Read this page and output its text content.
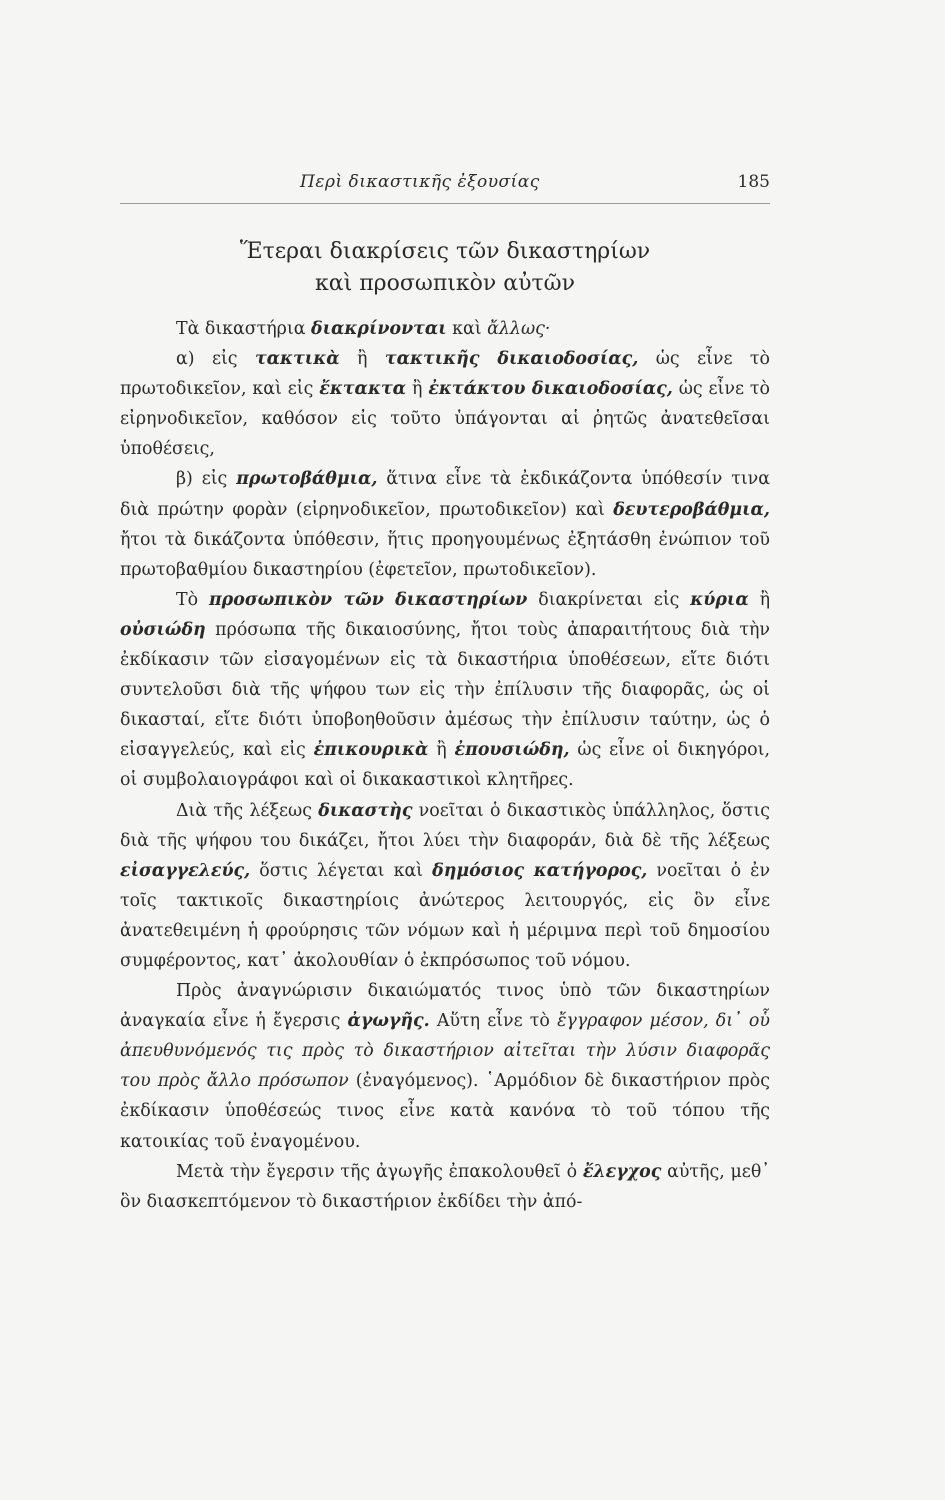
Περὶ δικαστικῆς ἐξουσίας	185
Ἕτεραι διακρίσεις τῶν δικαστηρίων
καὶ προσωπικὸν αὐτῶν

Τὰ δικαστήρια διακρίνονται καὶ ἄλλως·

α) εἰς τακτικὰ ἢ τακτικῆς δικαιοδοσίας, ὡς εἶνε τὸ πρωτοδικεῖον, καὶ εἰς ἔκτακτα ἢ ἐκτάκτου δικαιοδοσίας, ὡς εἶνε τὸ εἰρηνοδικεῖον, καθόσον εἰς τοῦτο ὑπάγονται αἱ ῥητῶς ἀνατεθεῖσαι ὑποθέσεις,

β) εἰς πρωτοβάθμια, ἅτινα εἶνε τὰ ἐκδικάζοντα ὑπόθεσίν τινα διὰ πρώτην φορὰν (εἰρηνοδικεῖον, πρωτοδικεῖον) καὶ δευτεροβάθμια, ἤτοι τὰ δικάζοντα ὑπόθεσιν, ἥτις προηγουμένως ἐξητάσθη ἐνώπιον τοῦ πρωτοβαθμίου δικαστηρίου (ἐφετεῖον, πρωτοδικεῖον).

Τὸ προσωπικὸν τῶν δικαστηρίων διακρίνεται εἰς κύρια ἢ οὐσιώδη πρόσωπα τῆς δικαιοσύνης, ἤτοι τοὺς ἀπαραιτήτους διὰ τὴν ἐκδίκασιν τῶν εἰσαγομένων εἰς τὰ δικαστήρια ὑποθέσεων, εἴτε διότι συντελοῦσι διὰ τῆς ψήφου των εἰς τὴν ἐπίλυσιν τῆς διαφορᾶς, ὡς οἱ δικασταί, εἴτε διότι ὑποβοηθοῦσιν ἀμέσως τὴν ἐπίλυσιν ταύτην, ὡς ὁ εἰσαγγελεύς, καὶ εἰς ἐπικουρικὰ ἢ ἐπουσιώδη, ὡς εἶνε οἱ δικηγόροι, οἱ συμβολαιογράφοι καὶ οἱ δικακαστικοὶ κλητῆρες.

Διὰ τῆς λέξεως δικαστὴς νοεῖται ὁ δικαστικὸς ὑπάλληλος, ὅστις διὰ τῆς ψήφου του δικάζει, ἤτοι λύει τὴν διαφοράν, διὰ δὲ τῆς λέξεως εἰσαγγελεύς, ὅστις λέγεται καὶ δημόσιος κατήγορος, νοεῖται ὁ ἐν τοῖς τακτικοῖς δικαστηρίοις ἀνώτερος λειτουργός, εἰς ὃν εἶνε ἀνατεθειμένη ἡ φρούρησις τῶν νόμων καὶ ἡ μέριμνα περὶ τοῦ δημοσίου συμφέροντος, κατ᾽ ἀκολουθίαν ὁ ἐκπρόσωπος τοῦ νόμου.

Πρὸς ἀναγνώρισιν δικαιώματός τινος ὑπὸ τῶν δικαστηρίων ἀναγκαία εἶνε ἡ ἔγερσις ἀγωγῆς. Αὕτη εἶνε τὸ ἔγγραφον μέσον, δι᾽ οὗ ἀπευθυνόμενός τις πρὸς τὸ δικαστήριον αἰτεῖται τὴν λύσιν διαφορᾶς του πρὸς ἄλλο πρόσωπον (ἐναγόμενος). ῾Αρμόδιον δὲ δικαστήριον πρὸς ἐκδίκασιν ὑποθέσεώς τινος εἶνε κατὰ κανόνα τὸ τοῦ τόπου τῆς κατοικίας τοῦ ἐναγομένου.

Μετὰ τὴν ἔγερσιν τῆς ἀγωγῆς ἐπακολουθεῖ ὁ ἔλεγχος αὐτῆς, μεθ᾽ ὃν διασκεπτόμενον τὸ δικαστήριον ἐκδίδει τὴν ἀπό-
